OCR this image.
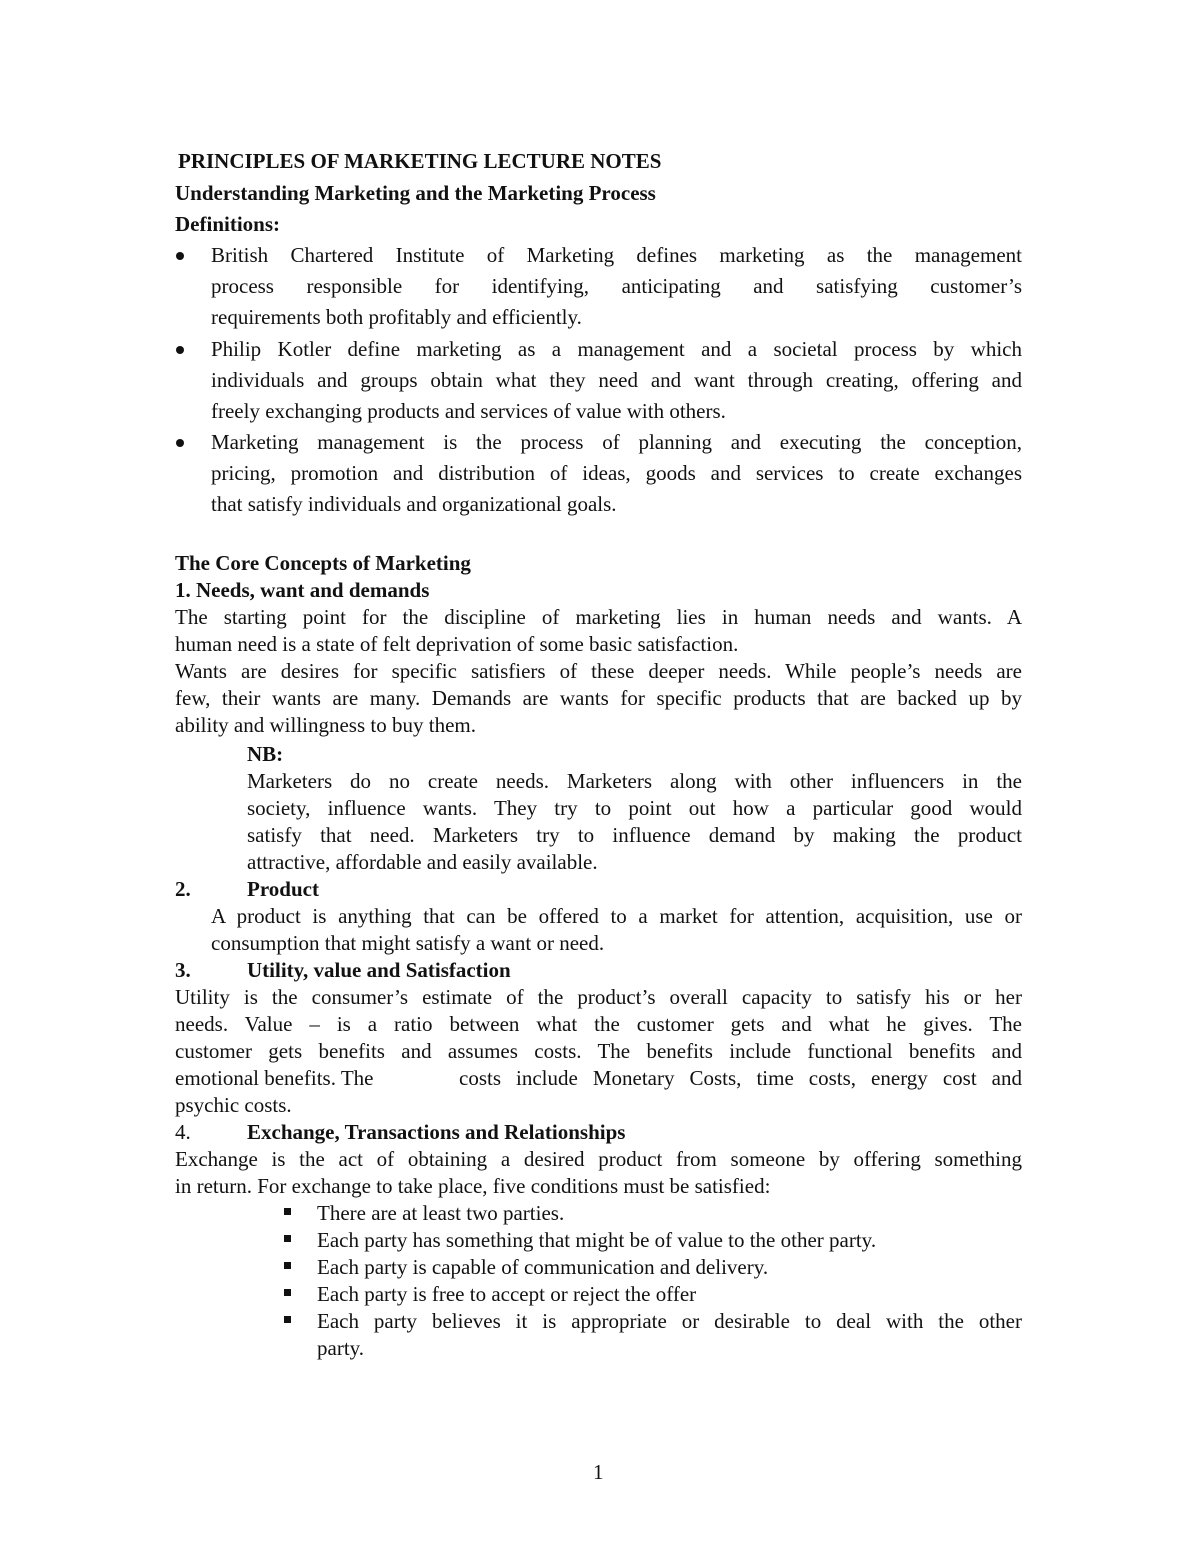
PRINCIPLES OF MARKETING LECTURE NOTES
Understanding Marketing and the Marketing Process
Definitions:
British Chartered Institute of Marketing defines marketing as the management
process responsible for identifying, anticipating and satisfying customer’s
requirements both profitably and efficiently.
Philip Kotler define marketing as a management and a societal process by which
individuals and groups obtain what they need and want through creating, offering and
freely exchanging products and services of value with others.
Marketing management is the process of planning and executing the conception,
pricing, promotion and distribution of ideas, goods and services to create exchanges
that satisfy individuals and organizational goals.
The Core Concepts of Marketing
1. Needs, want and demands
The starting point for the discipline of marketing lies in human needs and wants. A
human need is a state of felt deprivation of some basic satisfaction.
Wants are desires for specific satisfiers of these deeper needs. While people’s needs are
few, their wants are many. Demands are wants for specific products that are backed up by
ability and willingness to buy them.
NB:
Marketers do no create needs. Marketers along with other influencers in the
society, influence wants. They try to point out how a particular good would
satisfy that need. Marketers try to influence demand by making the product
attractive, affordable and easily available.
2.	Product
A product is anything that can be offered to a market for attention, acquisition, use or
consumption that might satisfy a want or need.
3.	Utility, value and Satisfaction
Utility is the consumer’s estimate of the product’s overall capacity to satisfy his or her
needs. Value – is a ratio between what the customer gets and what he gives. The
customer gets benefits and assumes costs. The benefits include functional benefits and
emotional benefits. The	costs include Monetary Costs, time costs, energy cost and
psychic costs.
4.	Exchange, Transactions and Relationships
Exchange is the act of obtaining a desired product from someone by offering something
in return. For exchange to take place, five conditions must be satisfied:
There are at least two parties.
Each party has something that might be of value to the other party.
Each party is capable of communication and delivery.
Each party is free to accept or reject the offer
Each party believes it is appropriate or desirable to deal with the other
party.
1
